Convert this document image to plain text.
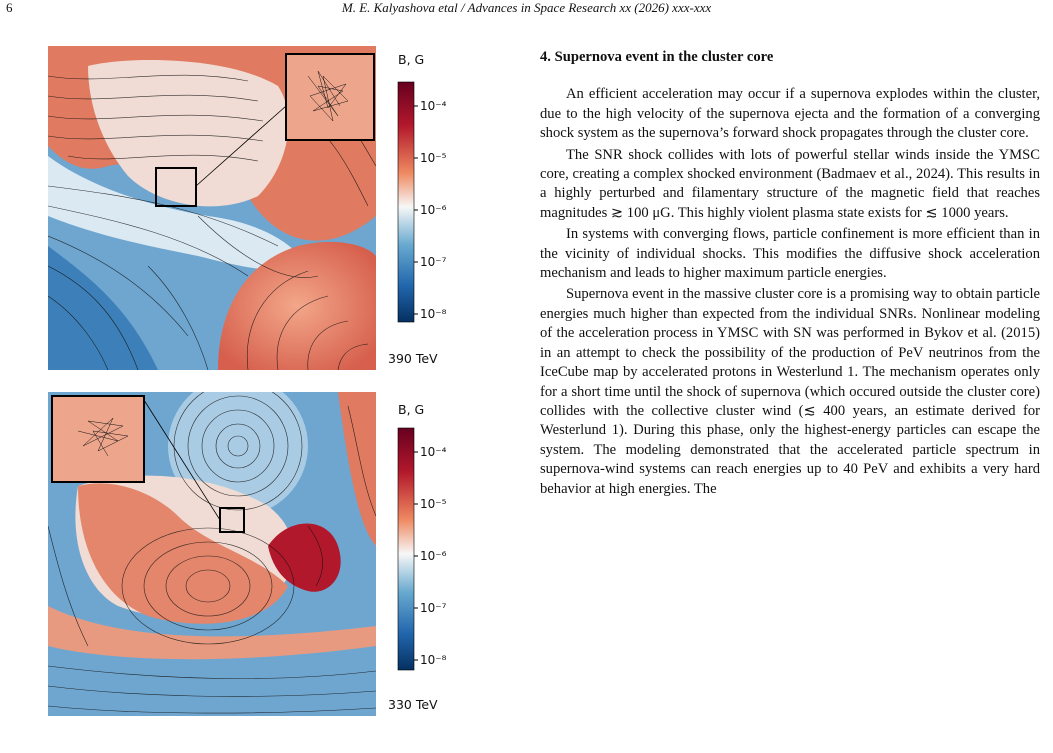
6	M. E. Kalyashova etal / Advances in Space Research xx (2026) xxx-xxx
B, G
10⁻⁴
10⁻⁵
10⁻⁶
10⁻⁷
10⁻⁸
390 TeV
B, G
10⁻⁴
10⁻⁵
10⁻⁶
10⁻⁷
10⁻⁸
330 TeV
4. Supernova event in the cluster core

An efficient acceleration may occur if a supernova explodes within the cluster, due to the high velocity of the supernova ejecta and the formation of a converging shock system as the supernova’s forward shock propagates through the cluster core.

The SNR shock collides with lots of powerful stellar winds inside the YMSC core, creating a complex shocked environment (Badmaev et al., 2024). This results in a highly perturbed and filamentary structure of the magnetic field that reaches magnitudes ≳ 100 μG. This highly violent plasma state exists for ≲ 1000 years.

In systems with converging flows, particle confinement is more efficient than in the vicinity of individual shocks. This modifies the diffusive shock acceleration mechanism and leads to higher maximum particle energies.

Supernova event in the massive cluster core is a promising way to obtain particle energies much higher than expected from the individual SNRs. Nonlinear modeling of the acceleration process in YMSC with SN was performed in Bykov et al. (2015) in an attempt to check the possibility of the production of PeV neutrinos from the IceCube map by accelerated protons in Westerlund 1. The mechanism operates only for a short time until the shock of supernova (which occured outside the cluster core) collides with the collective cluster wind (≲ 400 years, an estimate derived for Westerlund 1). During this phase, only the highest-energy particles can escape the system. The modeling demonstrated that the accelerated particle spectrum in supernova-wind systems can reach energies up to 40 PeV and exhibits a very hard behavior at high energies. The
